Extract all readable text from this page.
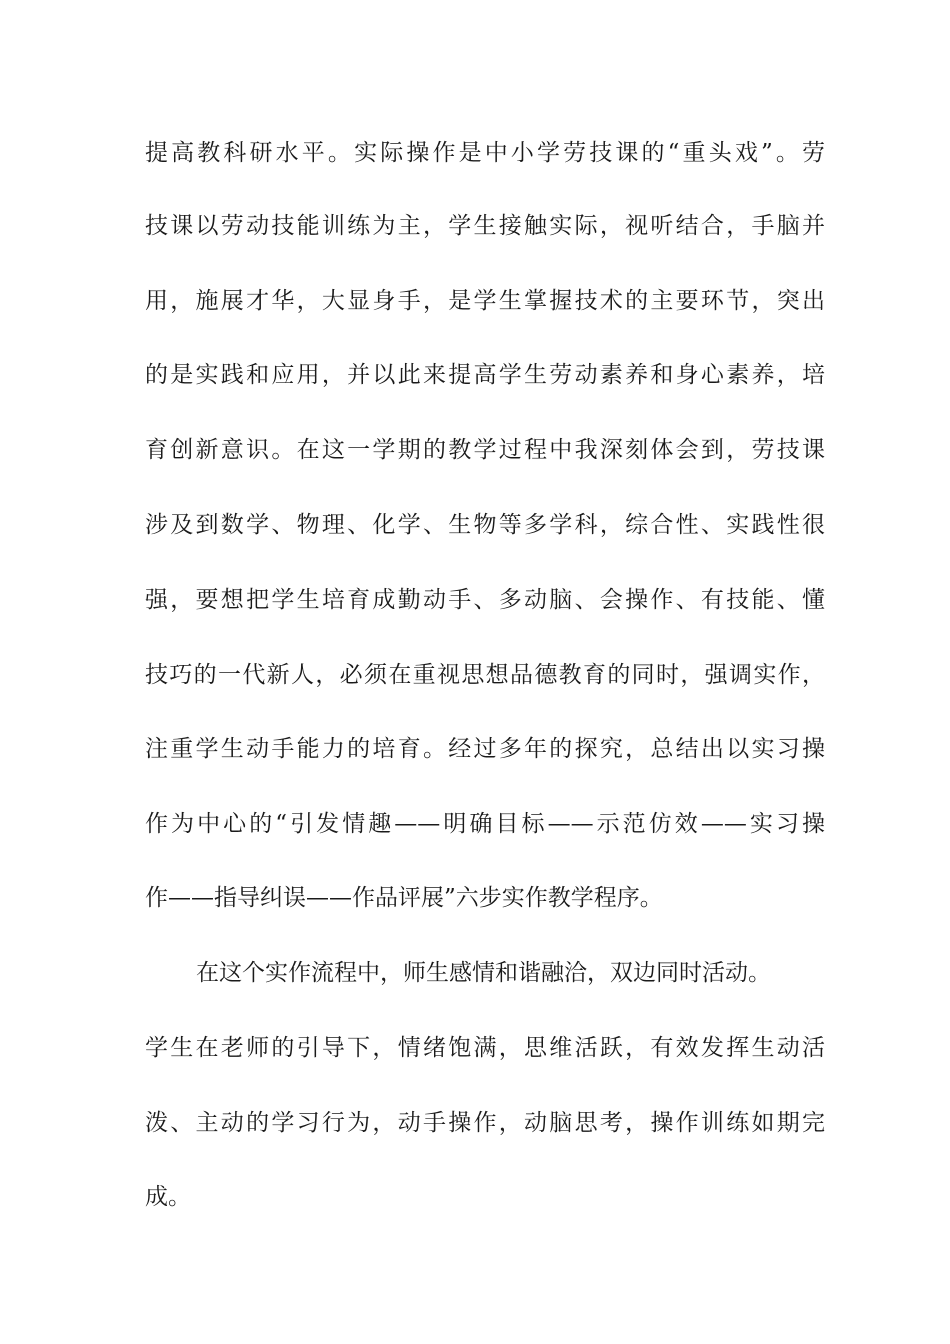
提高教科研水平。实际操作是中小学劳技课的“重头戏”。劳
技课以劳动技能训练为主，学生接触实际，视听结合，手脑并
用，施展才华，大显身手，是学生掌握技术的主要环节，突出
的是实践和应用，并以此来提高学生劳动素养和身心素养，培
育创新意识。在这一学期的教学过程中我深刻体会到，劳技课
涉及到数学、物理、化学、生物等多学科，综合性、实践性很
强，要想把学生培育成勤动手、多动脑、会操作、有技能、懂
技巧的一代新人，必须在重视思想品德教育的同时，强调实作，
注重学生动手能力的培育。经过多年的探究，总结出以实习操
作为中心的“引发情趣——明确目标——示范仿效——实习操
作——指导纠误——作品评展”六步实作教学程序。
在这个实作流程中，师生感情和谐融洽，双边同时活动。
学生在老师的引导下，情绪饱满，思维活跃，有效发挥生动活
泼、主动的学习行为，动手操作，动脑思考，操作训练如期完
成。
